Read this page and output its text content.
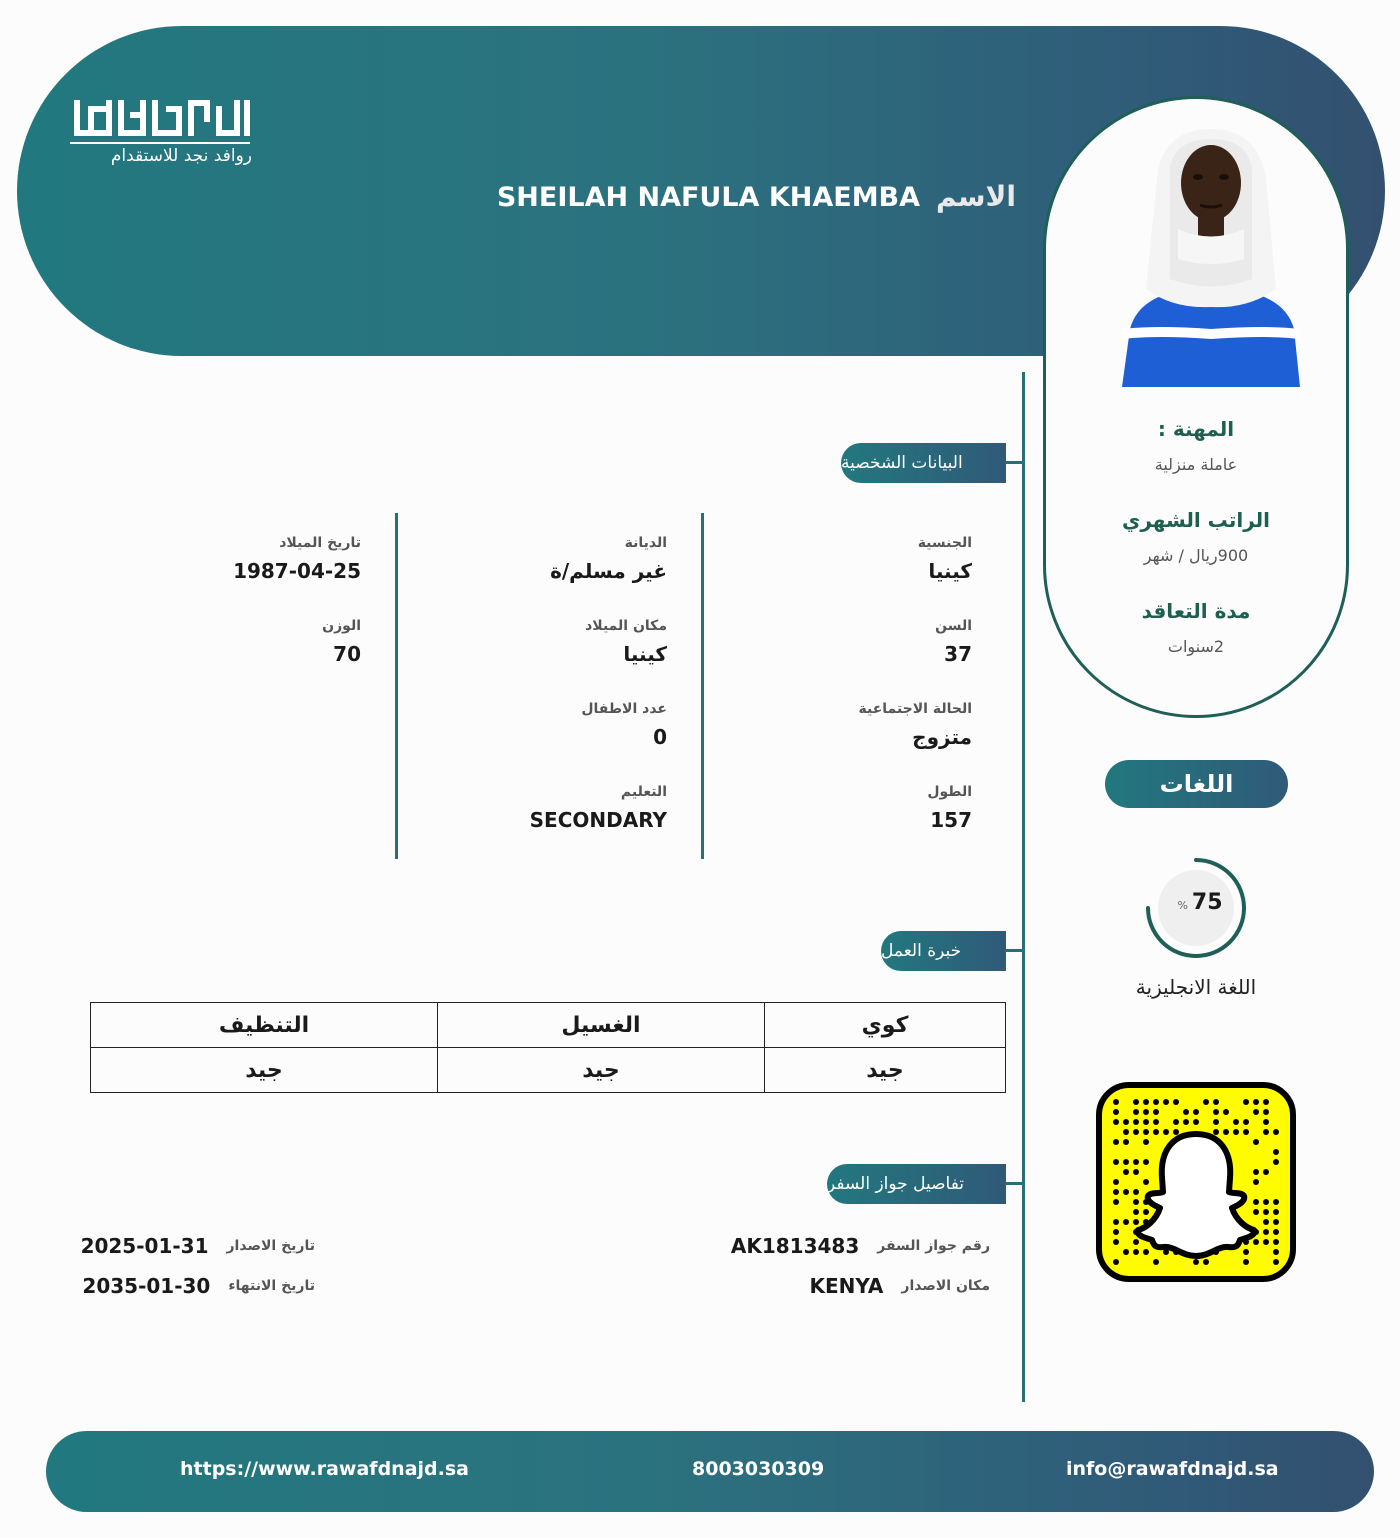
روافد نجد للاستقدام
الاسم
SHEILAH NAFULA KHAEMBA
المهنة :
عاملة منزلية
الراتب الشهري
900ريال / شهر
مدة التعاقد
2سنوات
البيانات الشخصية
الجنسية
كينيا
السن
37
الحالة الاجتماعية
متزوج
الطول
157
الديانة
غير مسلم/ة
مكان الميلاد
كينيا
عدد الاطفال
0
التعليم
SECONDARY
تاريخ الميلاد
1987-04-25
الوزن
70
خبرة العمل
كوي	الغسيل	التنظيف
جيد	جيد	جيد
تفاصيل جواز السفر
رقم جواز السفر
AK1813483
مكان الاصدار
KENYA
تاريخ الاصدار
2025-01-31
تاريخ الانتهاء
2035-01-30
اللغات
% 75
اللغة الانجليزية
info@rawafdnajd.sa
8003030309
https://www.rawafdnajd.sa
